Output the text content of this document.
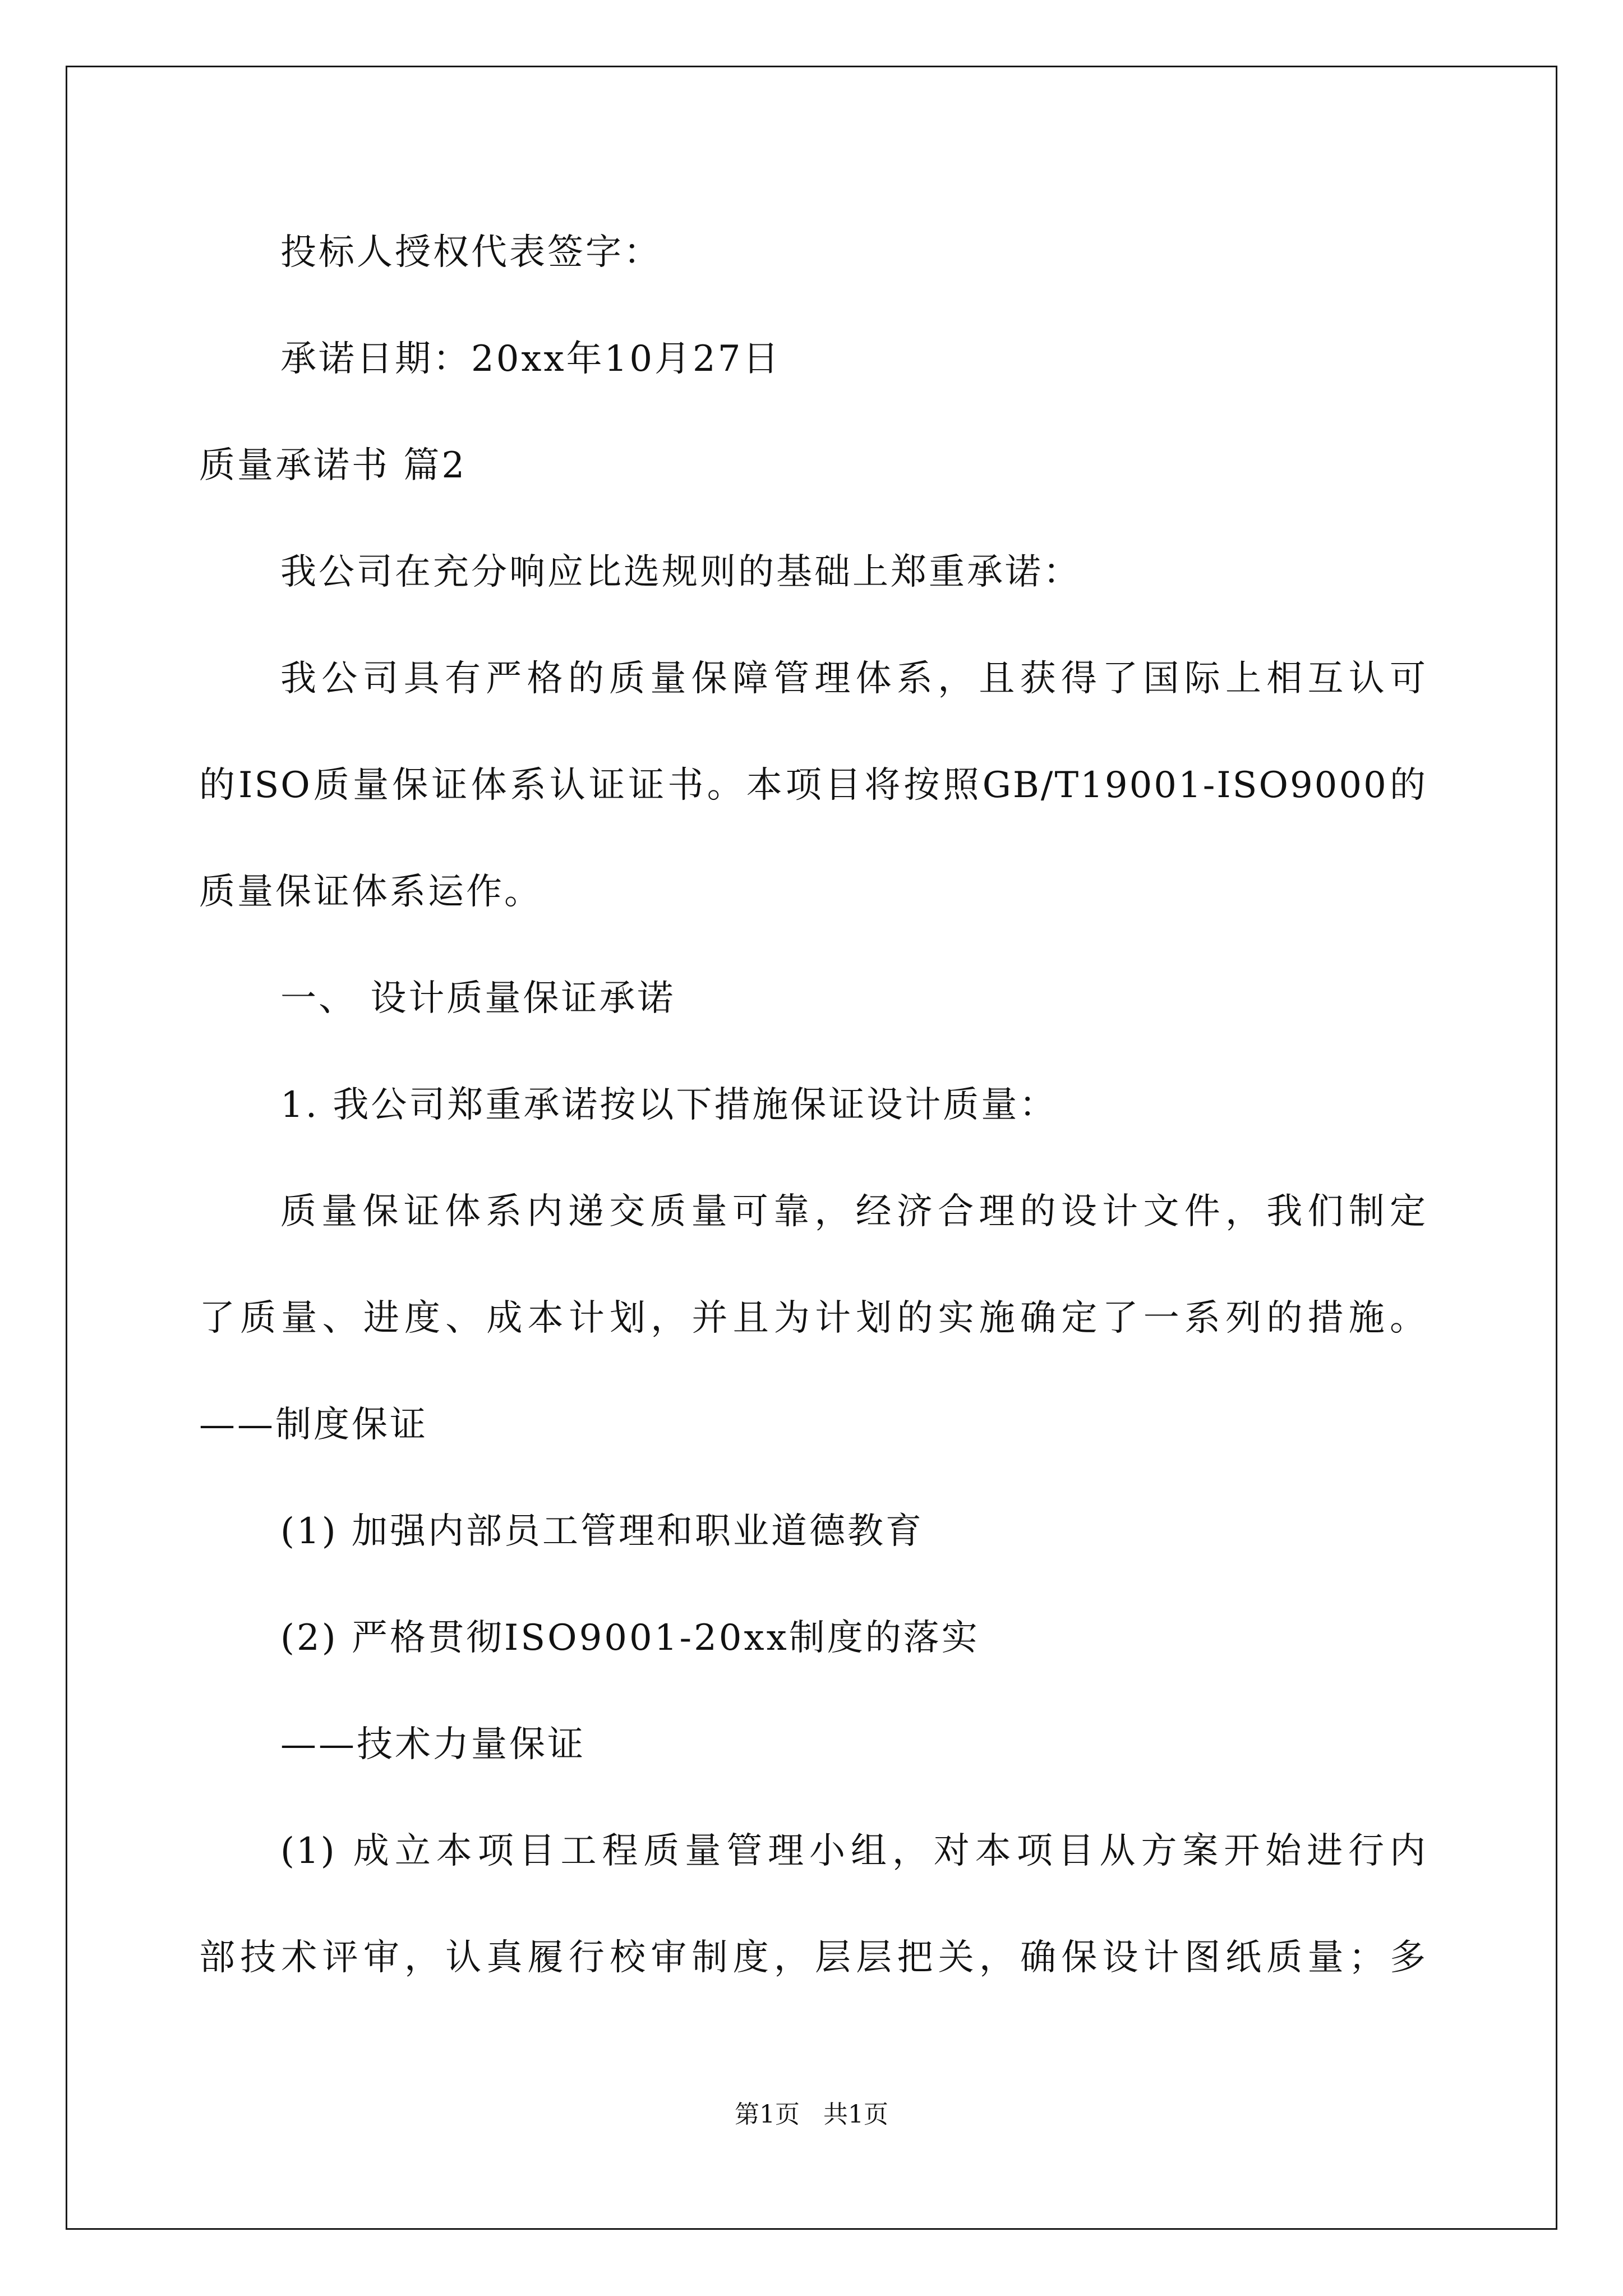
投标人授权代表签字：
承诺日期：20xx年10月27日
质量承诺书 篇2
我公司在充分响应比选规则的基础上郑重承诺：
我公司具有严格的质量保障管理体系，且获得了国际上相互认可
的ISO质量保证体系认证证书。本项目将按照GB/T19001-ISO9000的
质量保证体系运作。
一、 设计质量保证承诺
1. 我公司郑重承诺按以下措施保证设计质量：
质量保证体系内递交质量可靠，经济合理的设计文件，我们制定
了质量、进度、成本计划，并且为计划的实施确定了一系列的措施。
——制度保证
(1) 加强内部员工管理和职业道德教育
(2) 严格贯彻ISO9001-20xx制度的落实
——技术力量保证
(1) 成立本项目工程质量管理小组，对本项目从方案开始进行内
部技术评审，认真履行校审制度，层层把关，确保设计图纸质量；多
第1页   共1页
